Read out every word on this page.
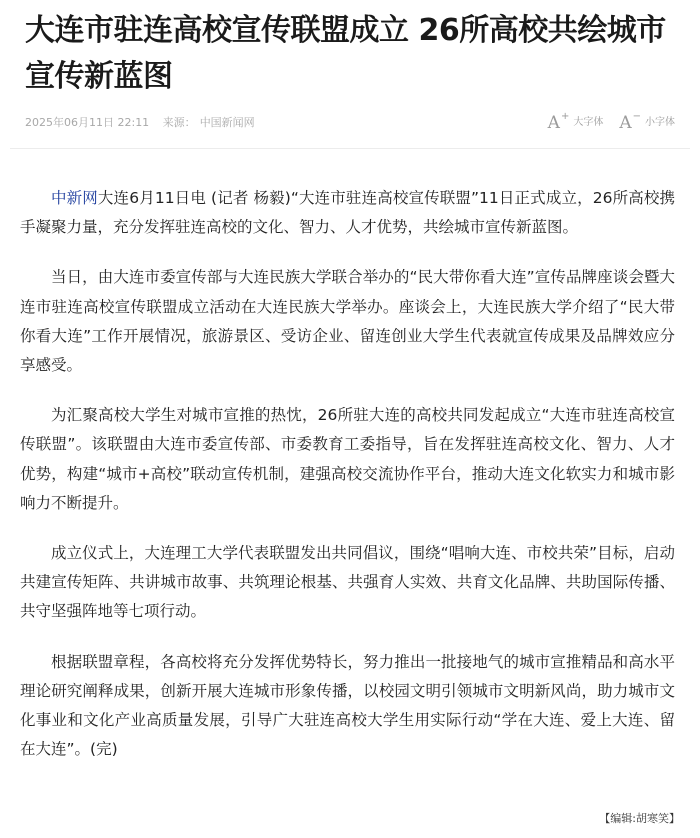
大连市驻连高校宣传联盟成立 26所高校共绘城市宣传新蓝图
2025年06月11日 22:11 来源： 中国新闻网	A +
大字体 A −
小字体

中新网大连6月11日电 (记者 杨毅)“大连市驻连高校宣传联盟”11日正式成立，26所高校携手凝聚力量，充分发挥驻连高校的文化、智力、人才优势，共绘城市宣传新蓝图。

当日，由大连市委宣传部与大连民族大学联合举办的“民大带你看大连”宣传品牌座谈会暨大连市驻连高校宣传联盟成立活动在大连民族大学举办。座谈会上，大连民族大学介绍了“民大带你看大连”工作开展情况，旅游景区、受访企业、留连创业大学生代表就宣传成果及品牌效应分享感受。

为汇聚高校大学生对城市宣推的热忱，26所驻大连的高校共同发起成立“大连市驻连高校宣传联盟”。该联盟由大连市委宣传部、市委教育工委指导，旨在发挥驻连高校文化、智力、人才优势，构建“城市+高校”联动宣传机制，建强高校交流协作平台，推动大连文化软实力和城市影响力不断提升。

成立仪式上，大连理工大学代表联盟发出共同倡议，围绕“唱响大连、市校共荣”目标，启动共建宣传矩阵、共讲城市故事、共筑理论根基、共强育人实效、共育文化品牌、共助国际传播、共守坚强阵地等七项行动。

根据联盟章程，各高校将充分发挥优势特长，努力推出一批接地气的城市宣推精品和高水平理论研究阐释成果，创新开展大连城市形象传播，以校园文明引领城市文明新风尚，助力城市文化事业和文化产业高质量发展，引导广大驻连高校大学生用实际行动“学在大连、爱上大连、留在大连”。(完)

【编辑:胡寒笑】
